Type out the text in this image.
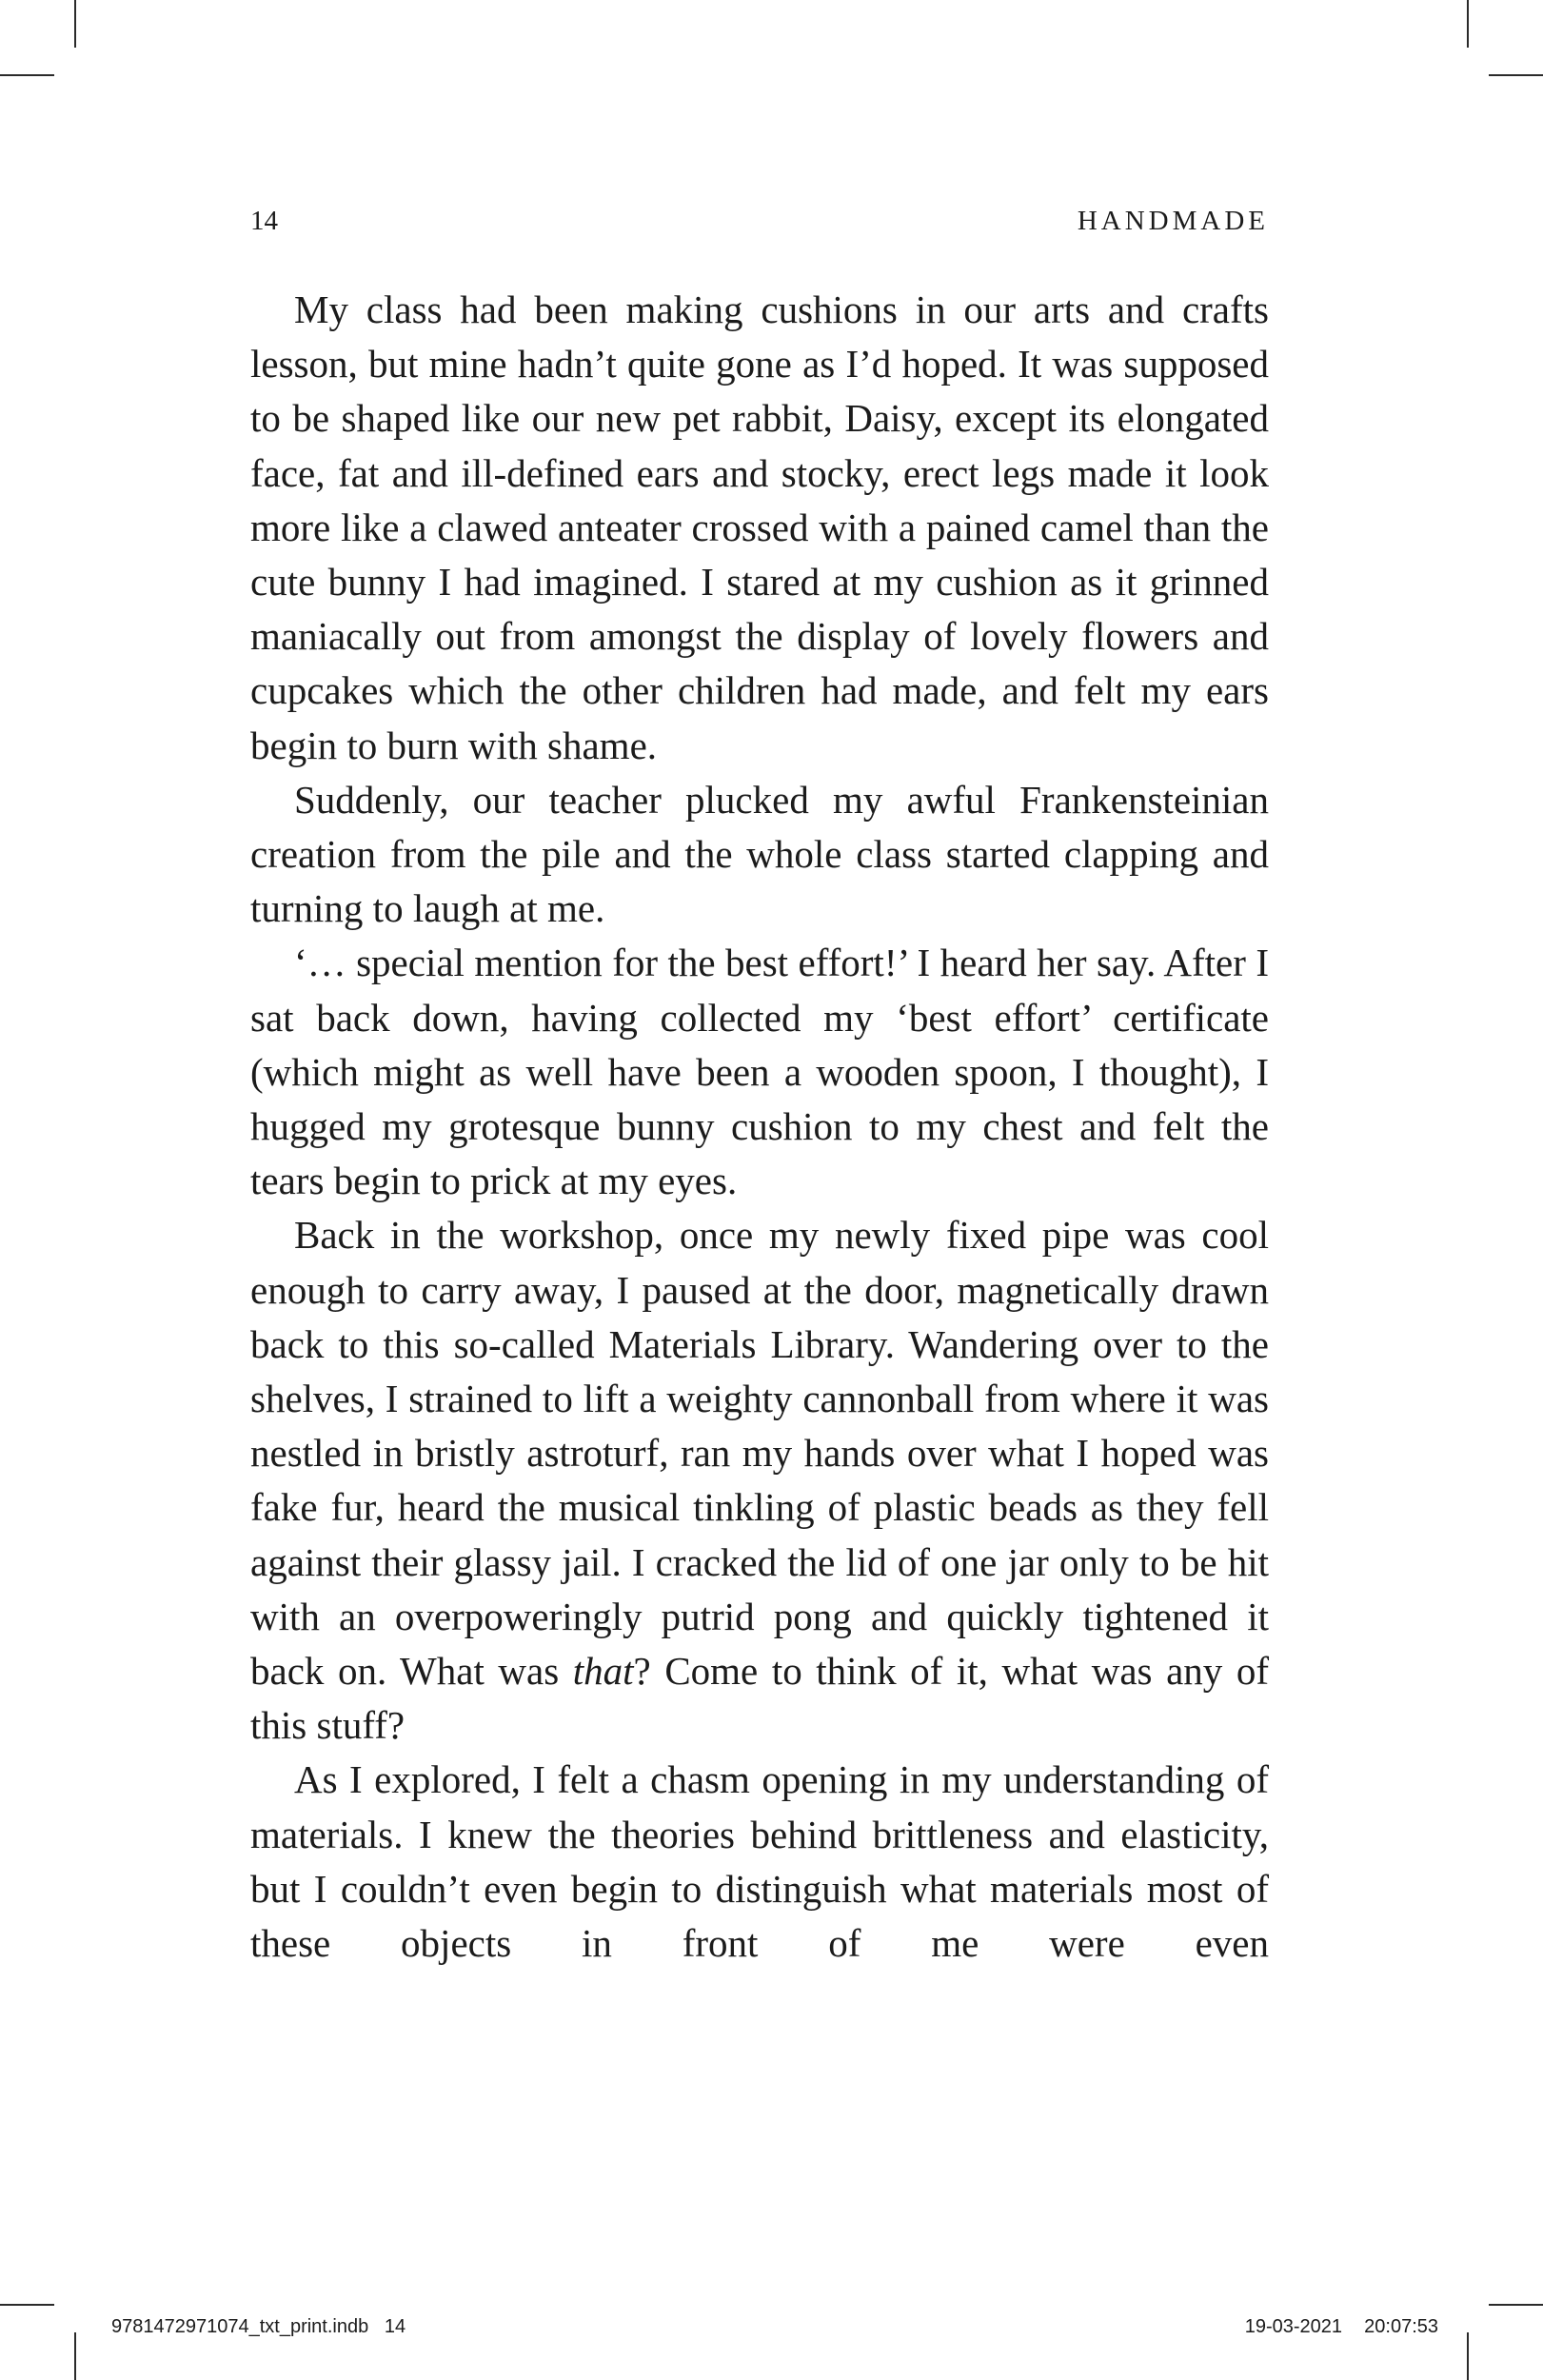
14	HANDMADE

My class had been making cushions in our arts and crafts lesson, but mine hadn’t quite gone as I’d hoped. It was supposed to be shaped like our new pet rabbit, Daisy, except its elongated face, fat and ill-defined ears and stocky, erect legs made it look more like a clawed anteater crossed with a pained camel than the cute bunny I had imagined. I stared at my cushion as it grinned maniacally out from amongst the display of lovely flowers and cupcakes which the other children had made, and felt my ears begin to burn with shame.

Suddenly, our teacher plucked my awful Frankensteinian creation from the pile and the whole class started clapping and turning to laugh at me.

‘… special mention for the best effort!’ I heard her say. After I sat back down, having collected my ‘best effort’ certificate (which might as well have been a wooden spoon, I thought), I hugged my grotesque bunny cushion to my chest and felt the tears begin to prick at my eyes.

Back in the workshop, once my newly fixed pipe was cool enough to carry away, I paused at the door, magnetically drawn back to this so-called Materials Library. Wandering over to the shelves, I strained to lift a weighty cannonball from where it was nestled in bristly astroturf, ran my hands over what I hoped was fake fur, heard the musical tinkling of plastic beads as they fell against their glassy jail. I cracked the lid of one jar only to be hit with an overpoweringly putrid pong and quickly tightened it back on. What was that? Come to think of it, what was any of this stuff?

As I explored, I felt a chasm opening in my understanding of materials. I knew the theories behind brittleness and elasticity, but I couldn’t even begin to distinguish what materials most of these objects in front of me were even

9781472971074_txt_print.indb   14	19-03-2021 20:07:53
